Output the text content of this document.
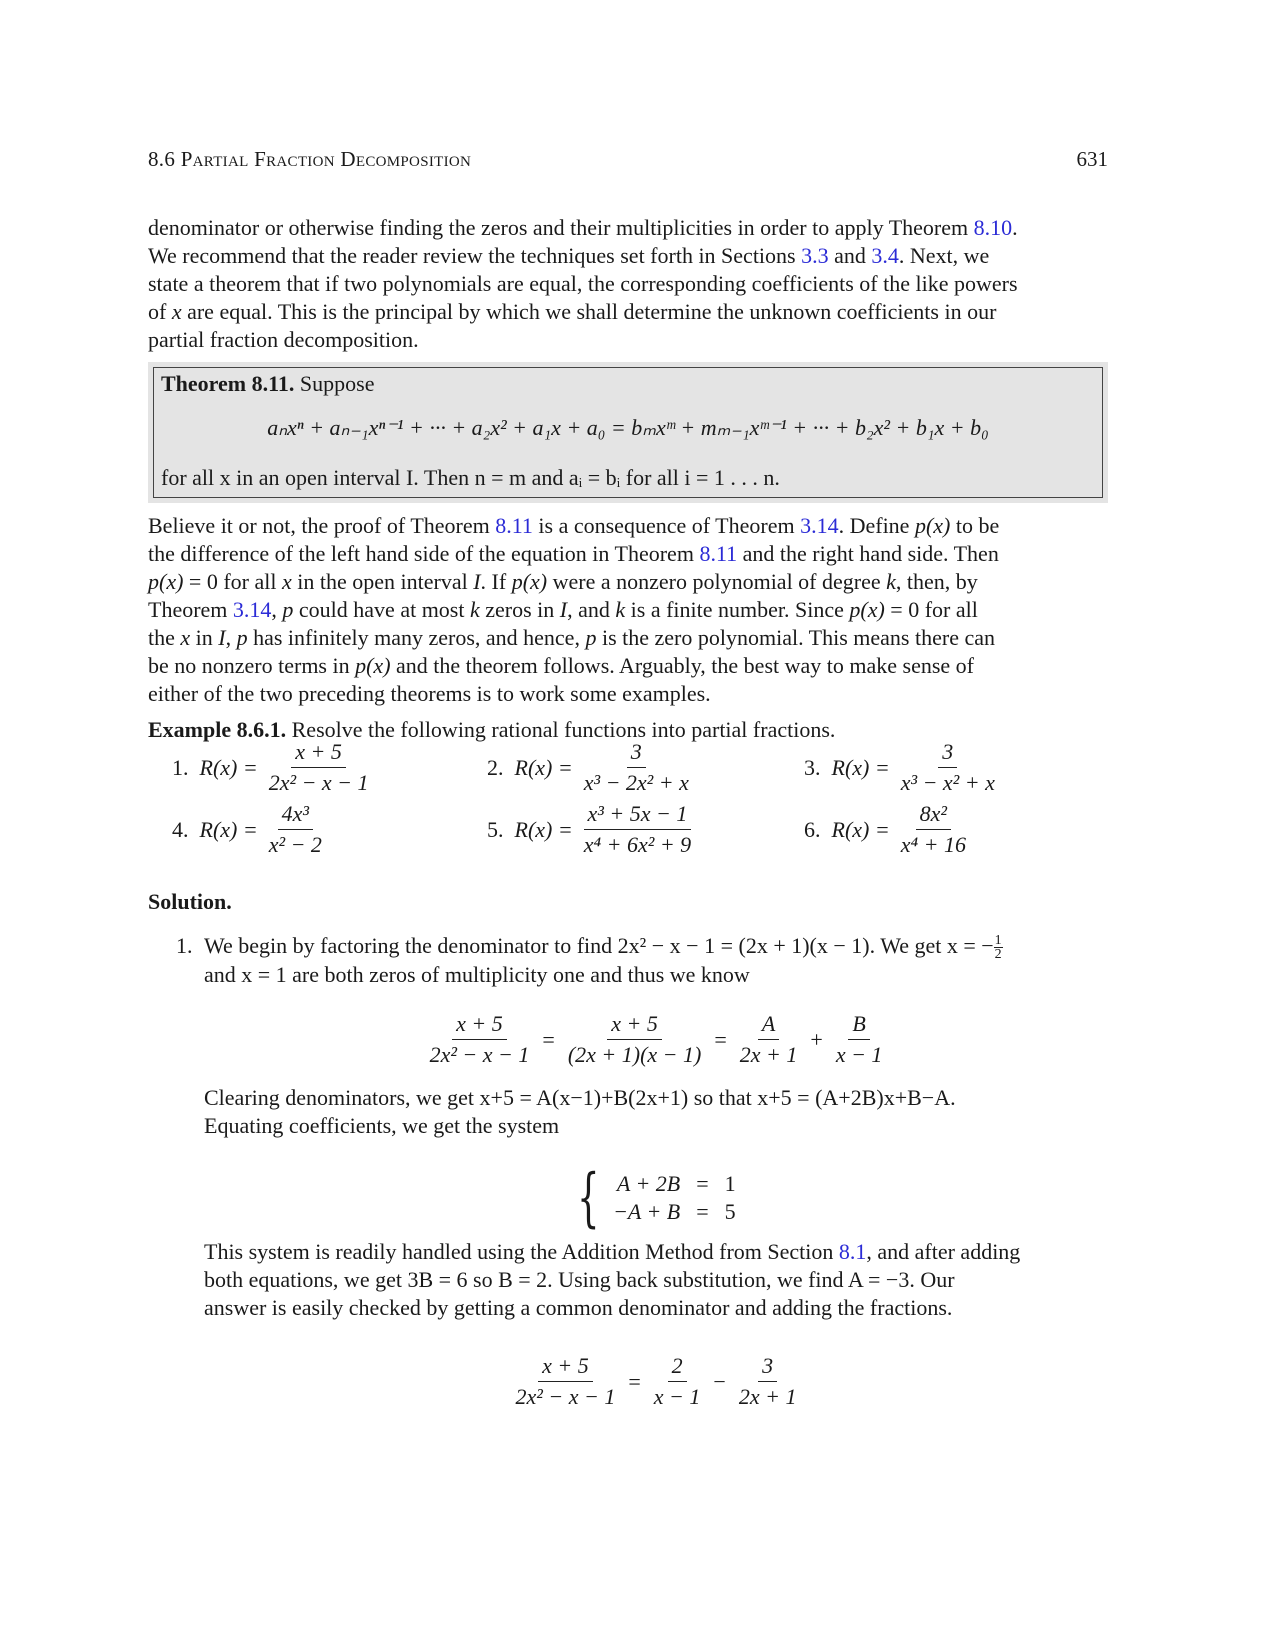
8.6 Partial Fraction Decomposition	631
denominator or otherwise finding the zeros and their multiplicities in order to apply Theorem 8.10.
We recommend that the reader review the techniques set forth in Sections 3.3 and 3.4. Next, we
state a theorem that if two polynomials are equal, the corresponding coefficients of the like powers
of x are equal. This is the principal by which we shall determine the unknown coefficients in our
partial fraction decomposition.
Theorem 8.11. Suppose
aₙxⁿ + aₙ₋₁xⁿ⁻¹ + ··· + a₂x² + a₁x + a₀ = bₘxᵐ + mₘ₋₁xᵐ⁻¹ + ··· + b₂x² + b₁x + b₀
for all x in an open interval I. Then n = m and aᵢ = bᵢ for all i = 1 . . . n.
Believe it or not, the proof of Theorem 8.11 is a consequence of Theorem 3.14. Define p(x) to be
the difference of the left hand side of the equation in Theorem 8.11 and the right hand side. Then
p(x) = 0 for all x in the open interval I. If p(x) were a nonzero polynomial of degree k, then, by
Theorem 3.14, p could have at most k zeros in I, and k is a finite number. Since p(x) = 0 for all
the x in I, p has infinitely many zeros, and hence, p is the zero polynomial. This means there can
be no nonzero terms in p(x) and the theorem follows. Arguably, the best way to make sense of
either of the two preceding theorems is to work some examples.
Example 8.6.1. Resolve the following rational functions into partial fractions.
1. $R(x) = \frac{x + 5}{\text{2x² − x − 1}}$	2. $R(x) = \frac{3}{\text{x³ − 2x² + x}}$	3. $R(x) = \frac{3}{\text{x³ − x² + x}}$
4. $R(x) = \frac{\text{4x³}}{\text{x² − 2}}$	5. $R(x) = \frac{\text{x³ + 5x − 1}}{\text{x⁴ + 6x² + 9}}$	6. $R(x) = \frac{\text{8x²}}{\text{x⁴ + 16}}$
Solution.
1. We begin by factoring the denominator to find 2x² − x − 1 = (2x + 1)(x − 1). We get x = − $\frac{1}{2}$
and x = 1 are both zeros of multiplicity one and thus we know
$\frac{x + 5}{\text{2x² − x − 1}} = \frac{x + 5}{(2x + 1)(x - 1)} = \frac{A}{2x + 1} + \frac{B}{x - 1}$
Clearing denominators, we get x+5 = A(x−1)+B(2x+1) so that x+5 = (A+2B)x+B−A.
Equating coefficients, we get the system
{ A + 2B	=	1
−A + B	=	5
This system is readily handled using the Addition Method from Section 8.1, and after adding
both equations, we get 3B = 6 so B = 2. Using back substitution, we find A = −3. Our
answer is easily checked by getting a common denominator and adding the fractions.
$\frac{x + 5}{\text{2x² − x − 1}} = \frac{2}{x - 1} - \frac{3}{2x + 1}$
